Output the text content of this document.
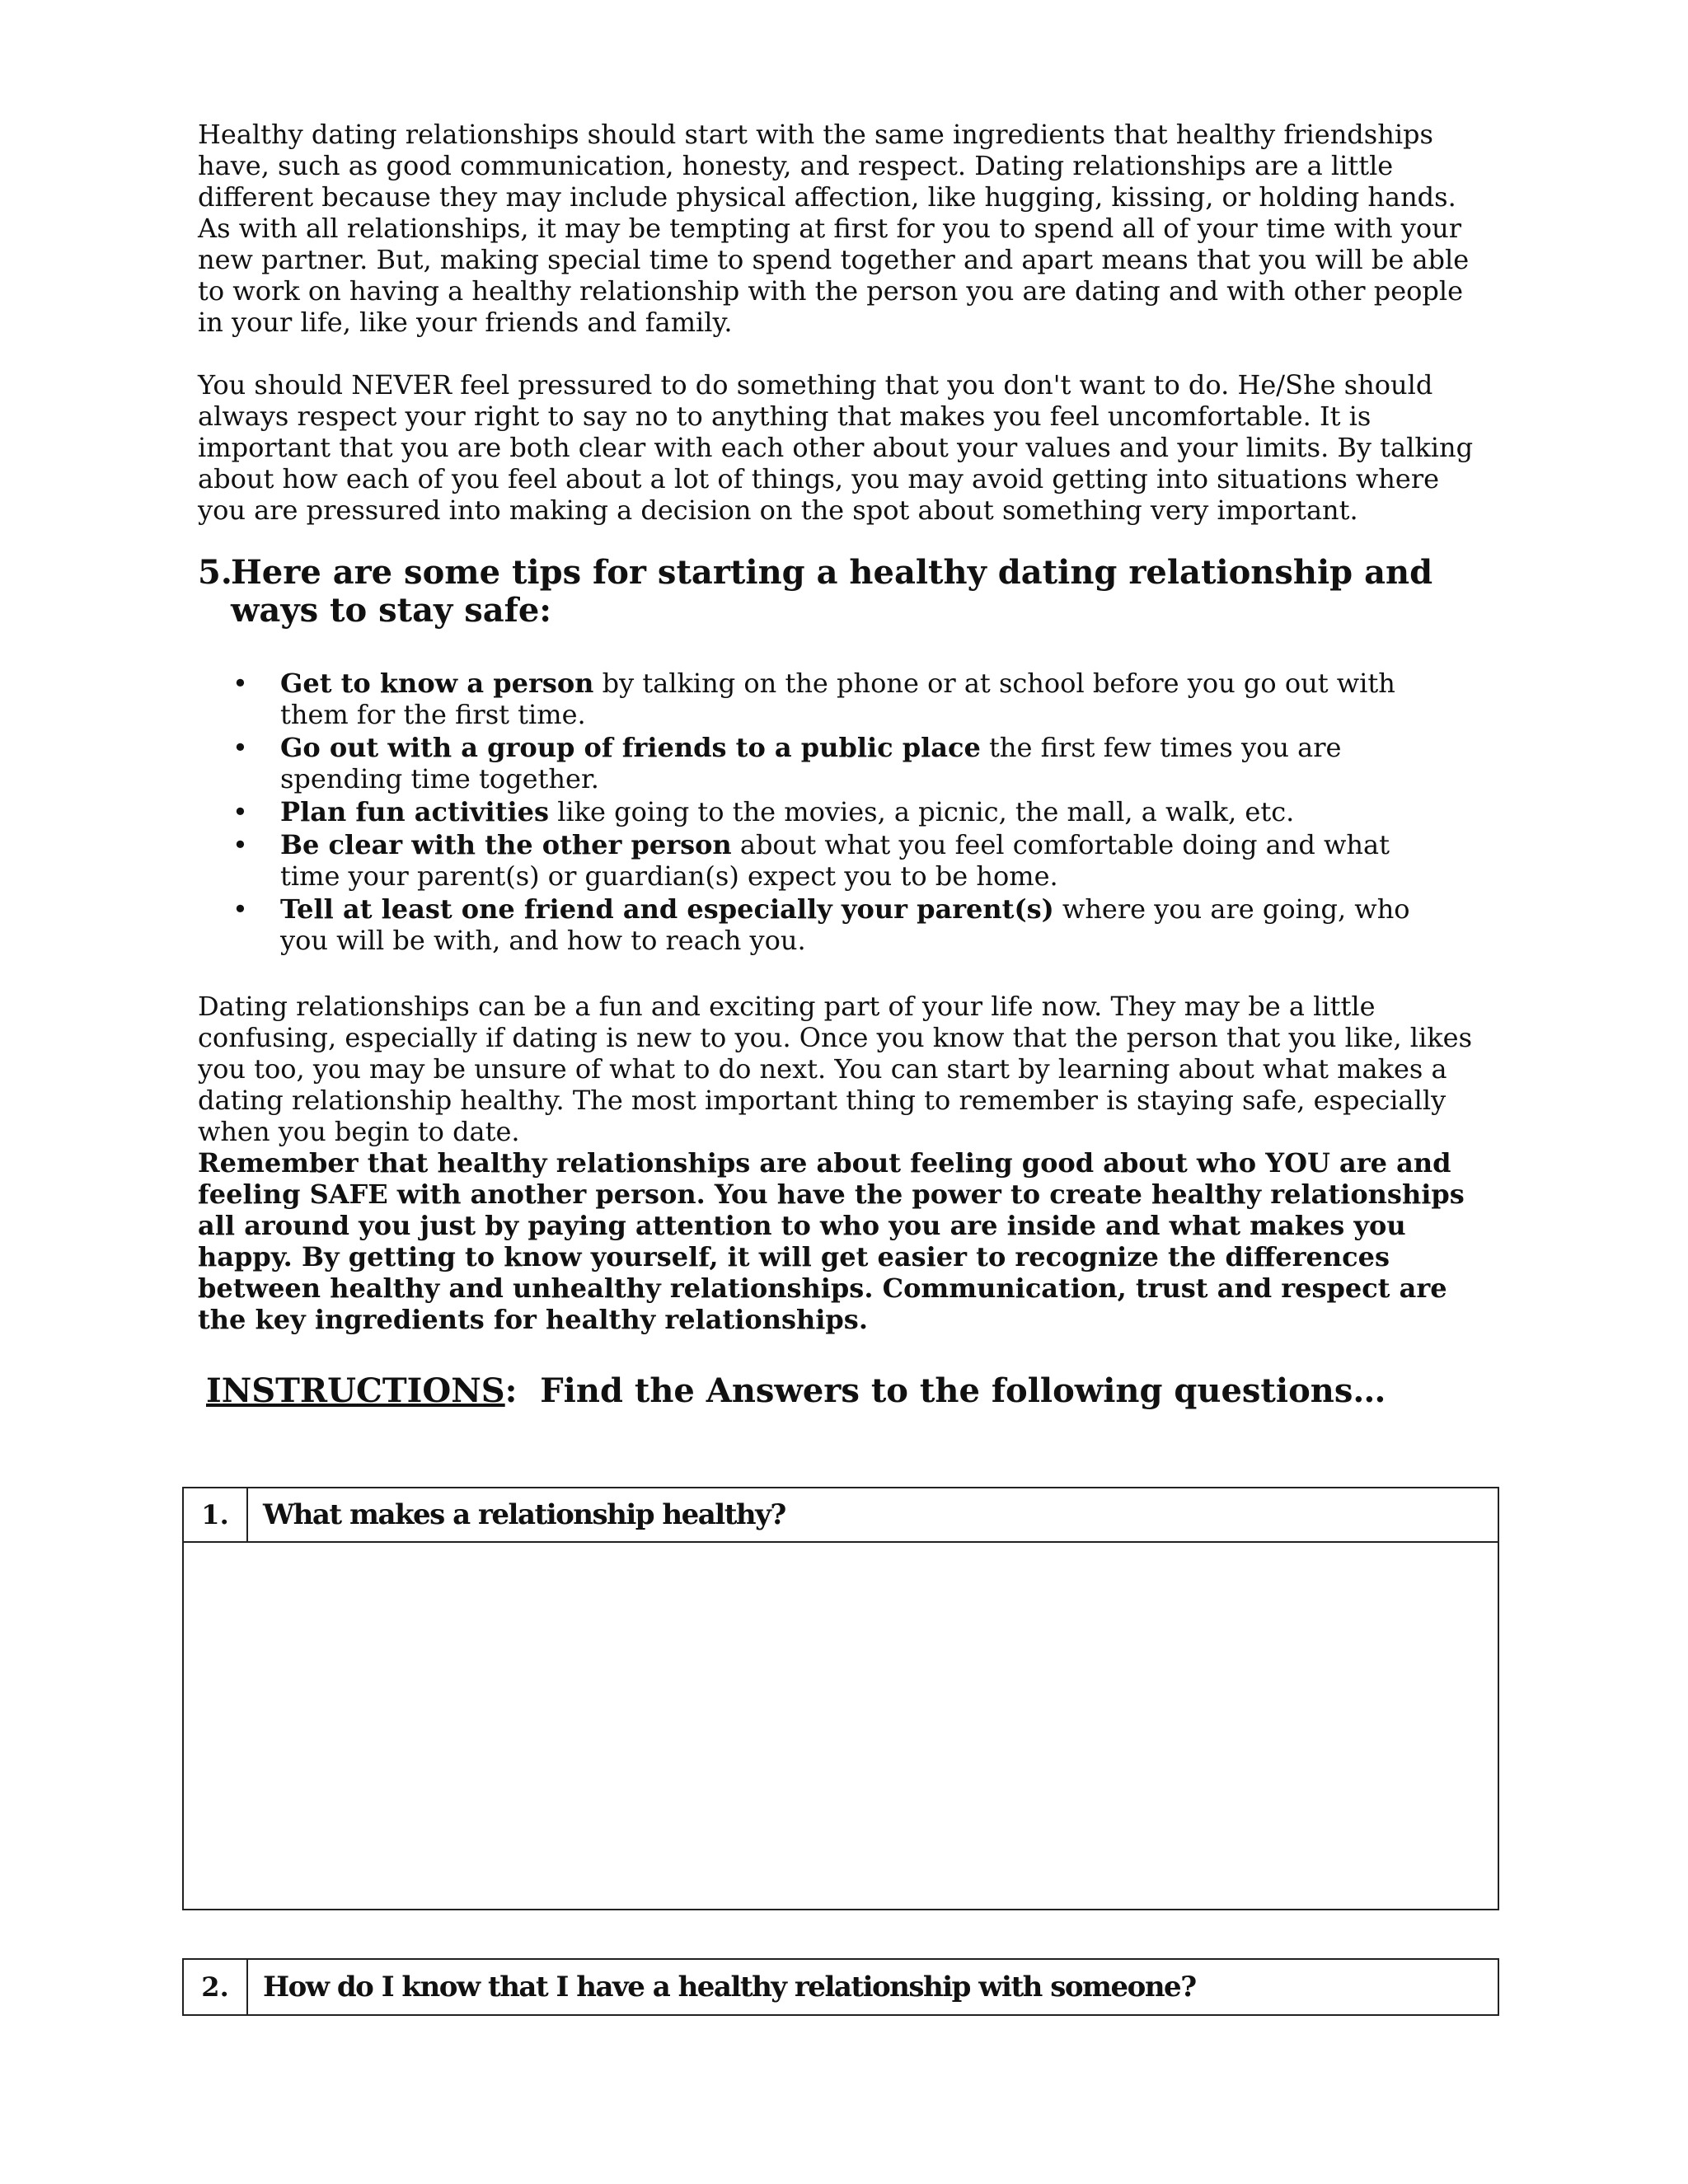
Healthy dating relationships should start with the same ingredients that healthy friendships have, such as good communication, honesty, and respect. Dating relationships are a little different because they may include physical affection, like hugging, kissing, or holding hands. As with all relationships, it may be tempting at first for you to spend all of your time with your new partner. But, making special time to spend together and apart means that you will be able to work on having a healthy relationship with the person you are dating and with other people in your life, like your friends and family.

You should NEVER feel pressured to do something that you don't want to do. He/She should always respect your right to say no to anything that makes you feel uncomfortable. It is important that you are both clear with each other about your values and your limits. By talking about how each of you feel about a lot of things, you may avoid getting into situations where you are pressured into making a decision on the spot about something very important.

5.Here are some tips for starting a healthy dating relationship and
ways to stay safe:
• Get to know a person by talking on the phone or at school before you go out with them for the first time.
• Go out with a group of friends to a public place the first few times you are spending time together.
• Plan fun activities like going to the movies, a picnic, the mall, a walk, etc.
• Be clear with the other person about what you feel comfortable doing and what time your parent(s) or guardian(s) expect you to be home.
• Tell at least one friend and especially your parent(s) where you are going, who you will be with, and how to reach you.

Dating relationships can be a fun and exciting part of your life now. They may be a little confusing, especially if dating is new to you. Once you know that the person that you like, likes you too, you may be unsure of what to do next. You can start by learning about what makes a dating relationship healthy. The most important thing to remember is staying safe, especially when you begin to date.

Remember that healthy relationships are about feeling good about who YOU are and feeling SAFE with another person. You have the power to create healthy relationships all around you just by paying attention to who you are inside and what makes you happy. By getting to know yourself, it will get easier to recognize the differences between healthy and unhealthy relationships. Communication, trust and respect are the key ingredients for healthy relationships.

INSTRUCTIONS: Find the Answers to the following questions…
1.	What makes a relationship healthy?
2.	How do I know that I have a healthy relationship with someone?
